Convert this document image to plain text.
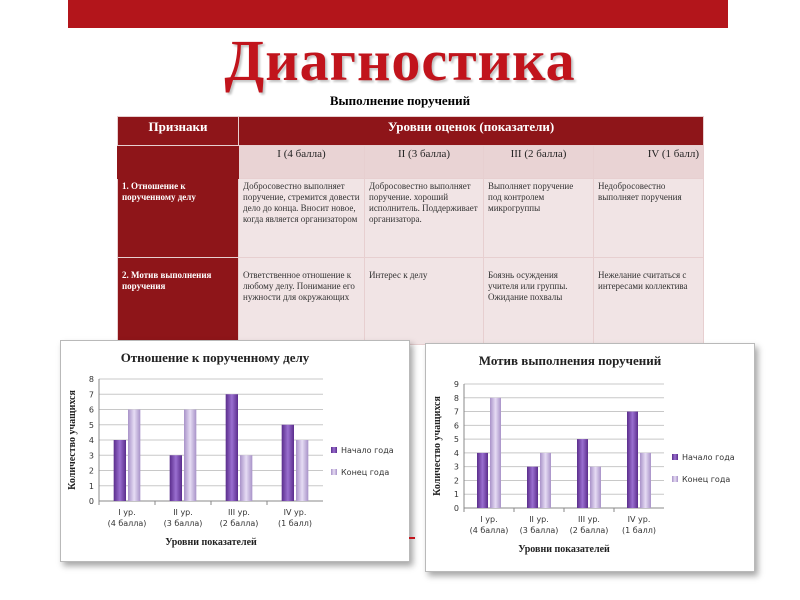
Диагностика
Выполнение поручений
Признаки	Уровни оценок (показатели)			
	I (4 балла)	II (3 балла)	III (2 балла)	IV (1 балл)
1. Отношение к порученному делу	Добросовестно выполняет поручение, стремится довести дело до конца. Вносит новое, когда является организатором	Добросовестно выполняет поручение. хороший исполнитель. Поддерживает организатора.	Выполняет поручение под контролем микрогруппы	Недобросовестно выполняет поручения
2. Мотив выполнения поручения	Ответственное отношение к любому делу. Понимание его нужности для окружающих	Интерес к делу	Боязнь осуждения учителя или группы. Ожидание похвалы	Нежелание считаться с интересами коллектива
Отношение к порученному делу
0
1
2
3
4
5
6
7
8
Количество учащихся
I ур.
(4 балла)
II ур.
(3 балла)
III ур.
(2 балла)
IV ур.
(1 балл)
Уровни показателей
Начало года
Конец года
Мотив выполнения поручений
0
1
2
3
4
5
6
7
8
9
Количество учащихся
I ур.
(4 балла)
II ур.
(3 балла)
III ур.
(2 балла)
IV ур.
(1 балл)
Уровни показателей
Начало года
Конец года
